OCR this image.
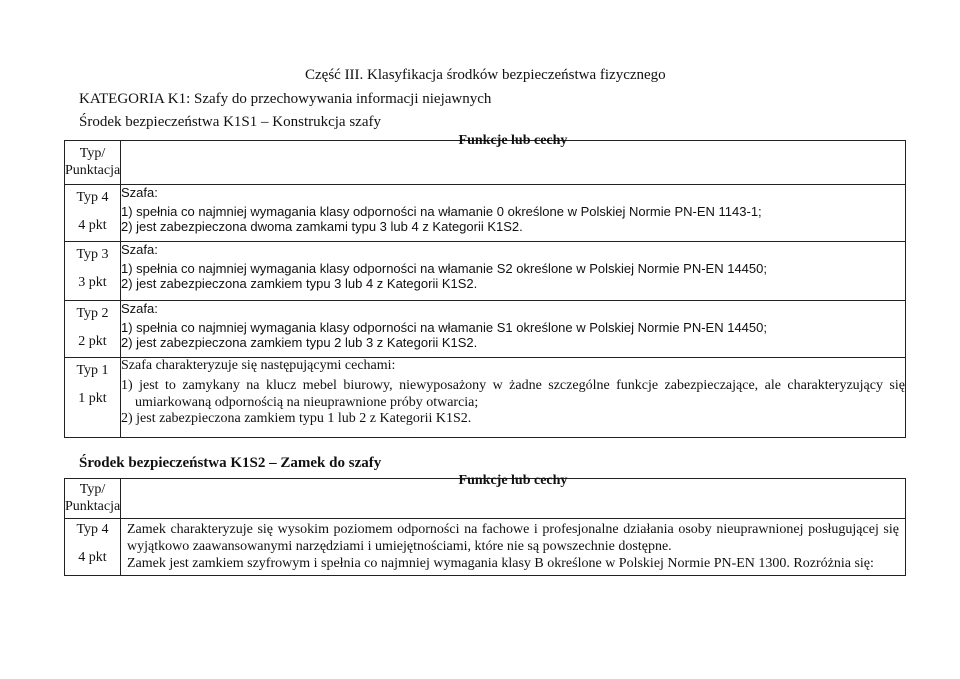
Część III. Klasyfikacja środków bezpieczeństwa fizycznego
KATEGORIA K1: Szafy do przechowywania informacji niejawnych
Środek bezpieczeństwa K1S1 – Konstrukcja szafy
Typ/
Punktacja	Funkcje lub cechy

Typ 4
4 pkt	Szafa:
1) spełnia co najmniej wymagania klasy odporności na włamanie 0 określone w Polskiej Normie PN-EN 1143-1;
2) jest zabezpieczona dwoma zamkami typu 3 lub 4 z Kategorii K1S2.

Typ 3
3 pkt	Szafa:
1) spełnia co najmniej wymagania klasy odporności na włamanie S2 określone w Polskiej Normie PN-EN 14450;
2) jest zabezpieczona zamkiem typu 3 lub 4 z Kategorii K1S2.

Typ 2
2 pkt	Szafa:
1) spełnia co najmniej wymagania klasy odporności na włamanie S1 określone w Polskiej Normie PN-EN 14450;
2) jest zabezpieczona zamkiem typu 2 lub 3 z Kategorii K1S2.

Typ 1
1 pkt	Szafa charakteryzuje się następującymi cechami:
1) jest to zamykany na klucz mebel biurowy, niewyposażony w żadne szczególne funkcje zabezpieczające, ale charakteryzujący się umiarkowaną odpornością na nieuprawnione próby otwarcia;
2) jest zabezpieczona zamkiem typu 1 lub 2 z Kategorii K1S2.
Środek bezpieczeństwa K1S2 – Zamek do szafy
Typ/
Punktacja	Funkcje lub cechy

Typ 4
4 pkt	Zamek charakteryzuje się wysokim poziomem odporności na fachowe i profesjonalne działania osoby nieuprawnionej posługującej się wyjątkowo zaawansowanymi narzędziami i umiejętnościami, które nie są powszechnie dostępne.
Zamek jest zamkiem szyfrowym i spełnia co najmniej wymagania klasy B określone w Polskiej Normie PN-EN 1300. Rozróżnia się:
